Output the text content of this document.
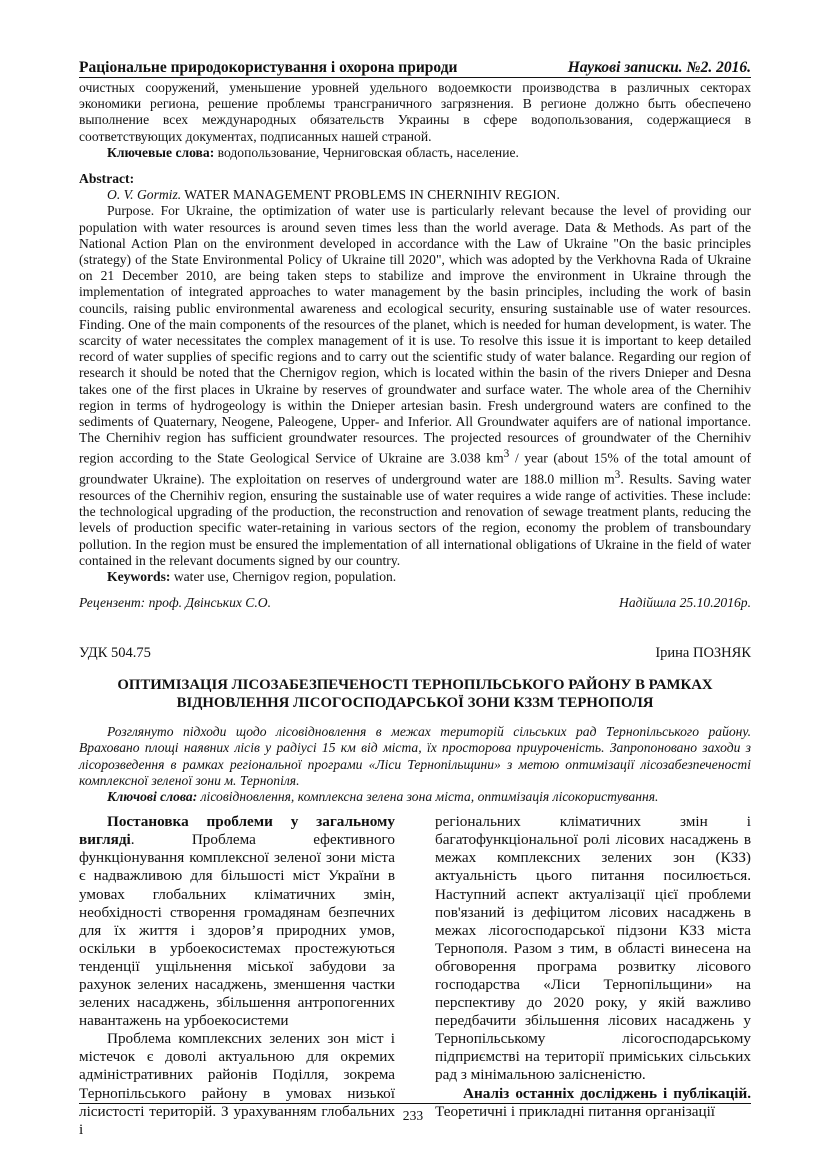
Раціональне природокористування і охорона природи	Наукові записки. №2. 2016.

очистных сооружений, уменьшение уровней удельного водоемкости производства в различных секторах экономики региона, решение проблемы трансграничного загрязнения. В регионе должно быть обеспечено выполнение всех международных обязательств Украины в сфере водопользования, содержащиеся в соответствующих документах, подписанных нашей страной.

Ключевые слова: водопользование, Черниговская область, население.

Abstract:

O. V. Gormiz. WATER MANAGEMENT PROBLEMS IN CHERNIHIV REGION.

Purpose. For Ukraine, the optimization of water use is particularly relevant because the level of providing our population with water resources is around seven times less than the world average. Data & Methods. As part of the National Action Plan on the environment developed in accordance with the Law of Ukraine "On the basic principles (strategy) of the State Environmental Policy of Ukraine till 2020", which was adopted by the Verkhovna Rada of Ukraine on 21 December 2010, are being taken steps to stabilize and improve the environment in Ukraine through the implementation of integrated approaches to water management by the basin principles, including the work of basin councils, raising public environmental awareness and ecological security, ensuring sustainable use of water resources. Finding. One of the main components of the resources of the planet, which is needed for human development, is water. The scarcity of water necessitates the complex management of it is use. To resolve this issue it is important to keep detailed record of water supplies of specific regions and to carry out the scientific study of water balance. Regarding our region of research it should be noted that the Chernigov region, which is located within the basin of the rivers Dnieper and Desna takes one of the first places in Ukraine by reserves of groundwater and surface water. The whole area of the Chernihiv region in terms of hydrogeology is within the Dnieper artesian basin. Fresh underground waters are confined to the sediments of Quaternary, Neogene, Paleogene, Upper- and Inferior. All Groundwater aquifers are of national importance. The Chernihiv region has sufficient groundwater resources. The projected resources of groundwater of the Chernihiv region according to the State Geological Service of Ukraine are 3.038 $km^3$ / year (about 15% of the total amount of groundwater Ukraine). The exploitation on reserves of underground water are 188.0 million $m^3$. Results. Saving water resources of the Chernihiv region, ensuring the sustainable use of water requires a wide range of activities. These include: the technological upgrading of the production, the reconstruction and renovation of sewage treatment plants, reducing the levels of production specific water-retaining in various sectors of the region, economy the problem of transboundary pollution. In the region must be ensured the implementation of all international obligations of Ukraine in the field of water contained in the relevant documents signed by our country.

Keywords: water use, Chernigov region, population.

Рецензент: проф. Двінських С.О.	Надійшла 25.10.2016р.
УДК 504.75	Ірина ПОЗНЯК
ОПТИМІЗАЦІЯ ЛІСОЗАБЕЗПЕЧЕНОСТІ ТЕРНОПІЛЬСЬКОГО РАЙОНУ В РАМКАХ
ВІДНОВЛЕННЯ ЛІСОГОСПОДАРСЬКОЇ ЗОНИ КЗЗМ ТЕРНОПОЛЯ

Розглянуто підходи щодо лісовідновлення в межах територій сільських рад Тернопільського району. Враховано площі наявних лісів у радіусі 15 км від міста, їх просторова приуроченість. Запропоновано заходи з лісорозведення в рамках регіональної програми «Ліси Тернопільщини» з метою оптимізації лісозабезпеченості комплексної зеленої зони м. Тернопіля.

Ключові слова: лісовідновлення, комплексна зелена зона міста, оптимізація лісокористування.

Постановка проблеми у загальному вигляді. Проблема ефективного функціонування комплексної зеленої зони міста є надважливою для більшості міст України в умовах глобальних кліматичних змін, необхідності створення громадянам безпечних для їх життя і здоров’я природних умов, оскільки в урбоекосистемах простежуються тенденції ущільнення міської забудови за рахунок зелених насаджень, зменшення частки зелених насаджень, збільшення антропогенних навантажень на урбоекосистеми

Проблема комплексних зелених зон міст і містечок є доволі актуальною для окремих адміністративних районів Поділля, зокрема Тернопільського району в умовах низької лісистості територій. З урахуванням глобальних і

регіональних кліматичних змін і багатофункціональної ролі лісових насаджень в межах комплексних зелених зон (КЗЗ) актуальність цього питання посилюється. Наступний аспект актуалізації цієї проблеми пов'язаний із дефіцитом лісових насаджень в межах лісогосподарської підзони КЗЗ міста Тернополя. Разом з тим, в області винесена на обговорення програма розвитку лісового господарства «Ліси Тернопільщини» на перспективу до 2020 року, у якій важливо передбачити збільшення лісових насаджень у Тернопільському лісогосподарському підприємстві на території приміських сільських рад з мінімальною залісненістю.

Аналіз останніх досліджень і публікацій. Теоретичні і прикладні питання організації

233
